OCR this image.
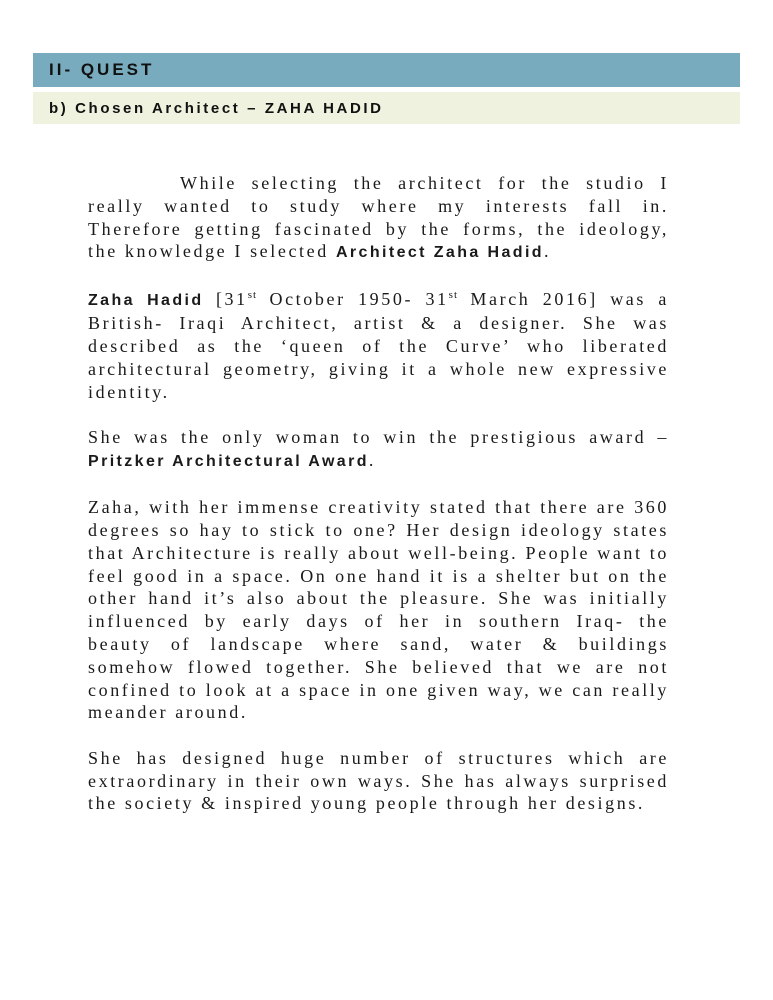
II- QUEST
b) Chosen Architect – ZAHA HADID

While selecting the architect for the studio I really wanted to study where my interests fall in. Therefore getting fascinated by the forms, the ideology, the knowledge I selected Architect Zaha Hadid.

Zaha Hadid [31st October 1950- 31st March 2016] was a British- Iraqi Architect, artist & a designer. She was described as the ‘queen of the Curve’ who liberated architectural geometry, giving it a whole new expressive identity.

She was the only woman to win the prestigious award – Pritzker Architectural Award.

Zaha, with her immense creativity stated that there are 360 degrees so hay to stick to one? Her design ideology states that Architecture is really about well-being. People want to feel good in a space. On one hand it is a shelter but on the other hand it’s also about the pleasure. She was initially influenced by early days of her in southern Iraq- the beauty of landscape where sand, water & buildings somehow flowed together. She believed that we are not confined to look at a space in one given way, we can really meander around.

She has designed huge number of structures which are extraordinary in their own ways. She has always surprised the society & inspired young people through her designs.
